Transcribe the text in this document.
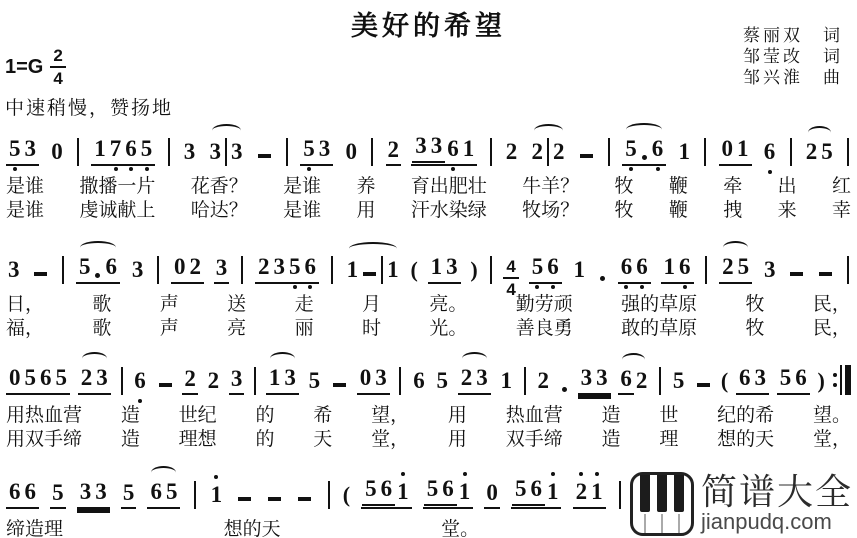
美好的希望	蔡丽双　词
邹莹改　词
邹兴淮　曲
1=G 2
4
中速稍慢，赞扬地
5 3 0 1 7 6 5 3 3 3	5 3 0 2 3 3 6 1 2 2 2	5 6 1 0 1 6 2 5
是谁 撒播一片 花香？ 是谁 养 育出肥壮 牛羊？ 牧 鞭 牵 出 红
是谁 虔诚献上 哈达？ 是谁 用 汗水染绿 牧场？ 牧 鞭 拽 来 幸
3	5 6 3 0 2 3 2 3 5 6 1 1 ( 1 3 ) 4
4
5 6 1 6 6 1 6 2 5 3
日，	歌	声	送	走	月	亮。	勤劳顽	强的草原	牧	民，
福，	歌	声	亮	丽	时	光。	善良勇	敢的草原	牧	民，
0 5 6 5 2 3 6 2 2 3 1 3 5 0 3 6 5 2 3 1 2 3 3 6 2 5 ( 6 3 5 6 )
用热血营 造 世纪 的 希 望， 用 热血营 造 世 纪的希 望。
用双手缔 造 理想 的 天 堂， 用 双手缔 造 理 想的天 堂，
6 6 5 3 3 5 6 5 1	( 5 6 1 5 6 1 0 5 6 1 2 1
缔造理	想的天	堂。
简谱大全
jianpudq.com
